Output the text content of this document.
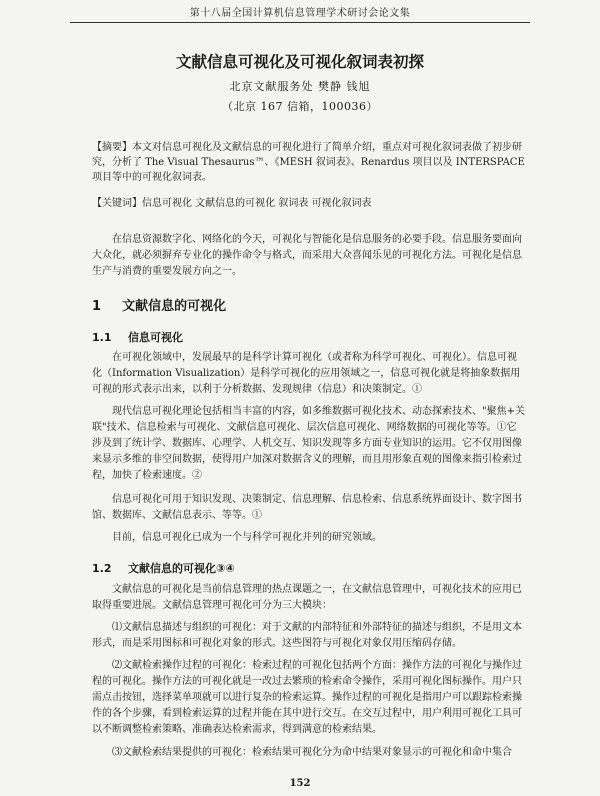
第十八届全国计算机信息管理学术研讨会论文集
文献信息可视化及可视化叙词表初探
北京文献服务处 樊静 钱旭
（北京 167 信箱，100036）

【摘要】本文对信息可视化及文献信息的可视化进行了简单介绍，重点对可视化叙词表做了初步研究，分析了 The Visual Thesaurus™、《MESH 叙词表》、Renardus 项目以及 INTERSPACE 项目等中的可视化叙词表。

【关键词】信息可视化 文献信息的可视化 叙词表 可视化叙词表

在信息资源数字化、网络化的今天，可视化与智能化是信息服务的必要手段。信息服务要面向大众化，就必须摒弃专业化的操作命令与格式，而采用大众喜闻乐见的可视化方法。可视化是信息生产与消费的重要发展方向之一。

1 文献信息的可视化
1.1 信息可视化

在可视化领域中，发展最早的是科学计算可视化（或者称为科学可视化、可视化）。信息可视化（Information Visualization）是科学可视化的应用领域之一，信息可视化就是将抽象数据用可视的形式表示出来，以利于分析数据、发现规律（信息）和决策制定。①

现代信息可视化理论包括相当丰富的内容，如多维数据可视化技术、动态探索技术、"聚焦+关联"技术、信息检索与可视化、文献信息可视化、层次信息可视化、网络数据的可视化等等。①它涉及到了统计学、数据库、心理学、人机交互、知识发现等多方面专业知识的运用。它不仅用图像来显示多维的非空间数据，使得用户加深对数据含义的理解，而且用形象直观的图像来指引检索过程，加快了检索速度。②

信息可视化可用于知识发现、决策制定、信息理解、信息检索、信息系统界面设计、数字图书馆、数据库、文献信息表示、等等。①

目前，信息可视化已成为一个与科学可视化并列的研究领域。

1.2 文献信息的可视化③④

文献信息的可视化是当前信息管理的热点课题之一，在文献信息管理中，可视化技术的应用已取得重要进展。文献信息管理可视化可分为三大模块：

⑴文献信息描述与组织的可视化：对于文献的内部特征和外部特征的描述与组织，不是用文本形式，而是采用图标和可视化对象的形式。这些图符与可视化对象仅用压缩码存储。

⑵文献检索操作过程的可视化：检索过程的可视化包括两个方面：操作方法的可视化与操作过程的可视化。操作方法的可视化就是一改过去繁琐的检索命令操作，采用可视化图标操作。用户只需点击按钮，选择菜单项就可以进行复杂的检索运算。操作过程的可视化是指用户可以跟踪检索操作的各个步骤，看到检索运算的过程并能在其中进行交互。在交互过程中，用户利用可视化工具可以不断调整检索策略、准确表达检索需求，得到满意的检索结果。

⑶文献检索结果提供的可视化：检索结果可视化分为命中结果对象显示的可视化和命中集合

152
